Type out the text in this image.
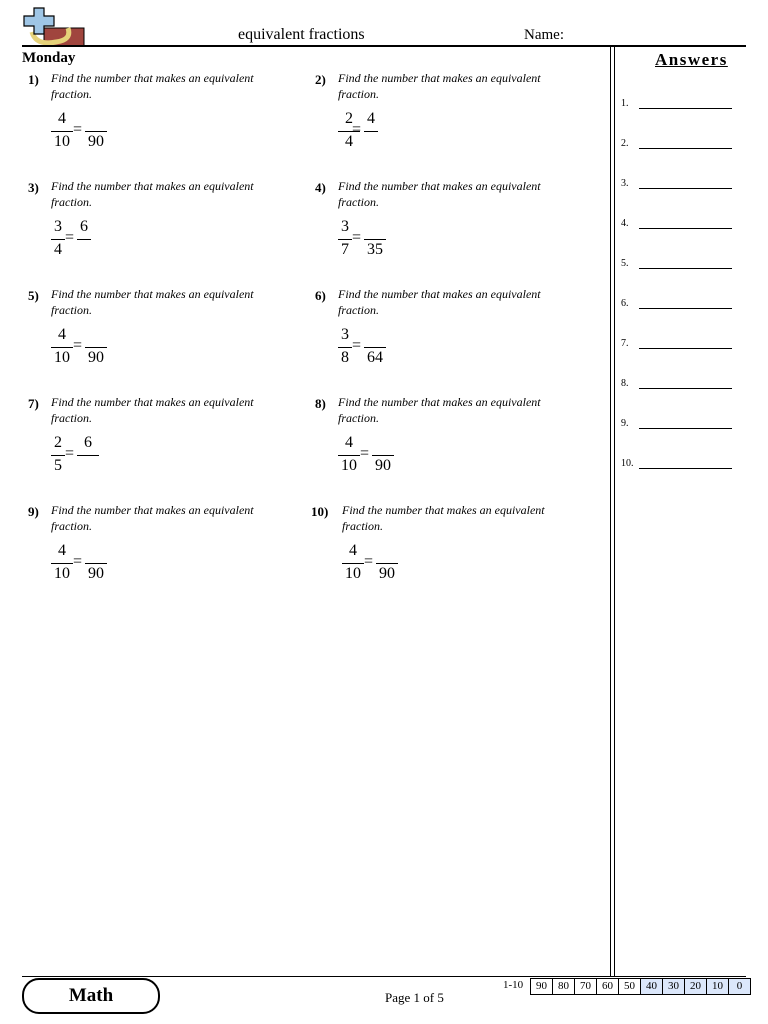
equivalent fractions	Name:
Monday	Answers
1.
2.
3.
4.
5.
6.
7.
8.
9.
10.
1) Find the number that makes an equivalent fraction.
4
10
=
90
2) Find the number that makes an equivalent fraction.
2
4
=
4
3) Find the number that makes an equivalent fraction.
3
4
=
6
4) Find the number that makes an equivalent fraction.
3
7
=
35
5) Find the number that makes an equivalent fraction.
4
10
=
90
6) Find the number that makes an equivalent fraction.
3
8
=
64
7) Find the number that makes an equivalent fraction.
2
5
=
6
8) Find the number that makes an equivalent fraction.
4
10
=
90
9) Find the number that makes an equivalent fraction.
4
10
=
90
10) Find the number that makes an equivalent fraction.
4
10
=
90
Math	Page 1 of 5
1-10	90	80	70	60	50	40	30	20	10	0
